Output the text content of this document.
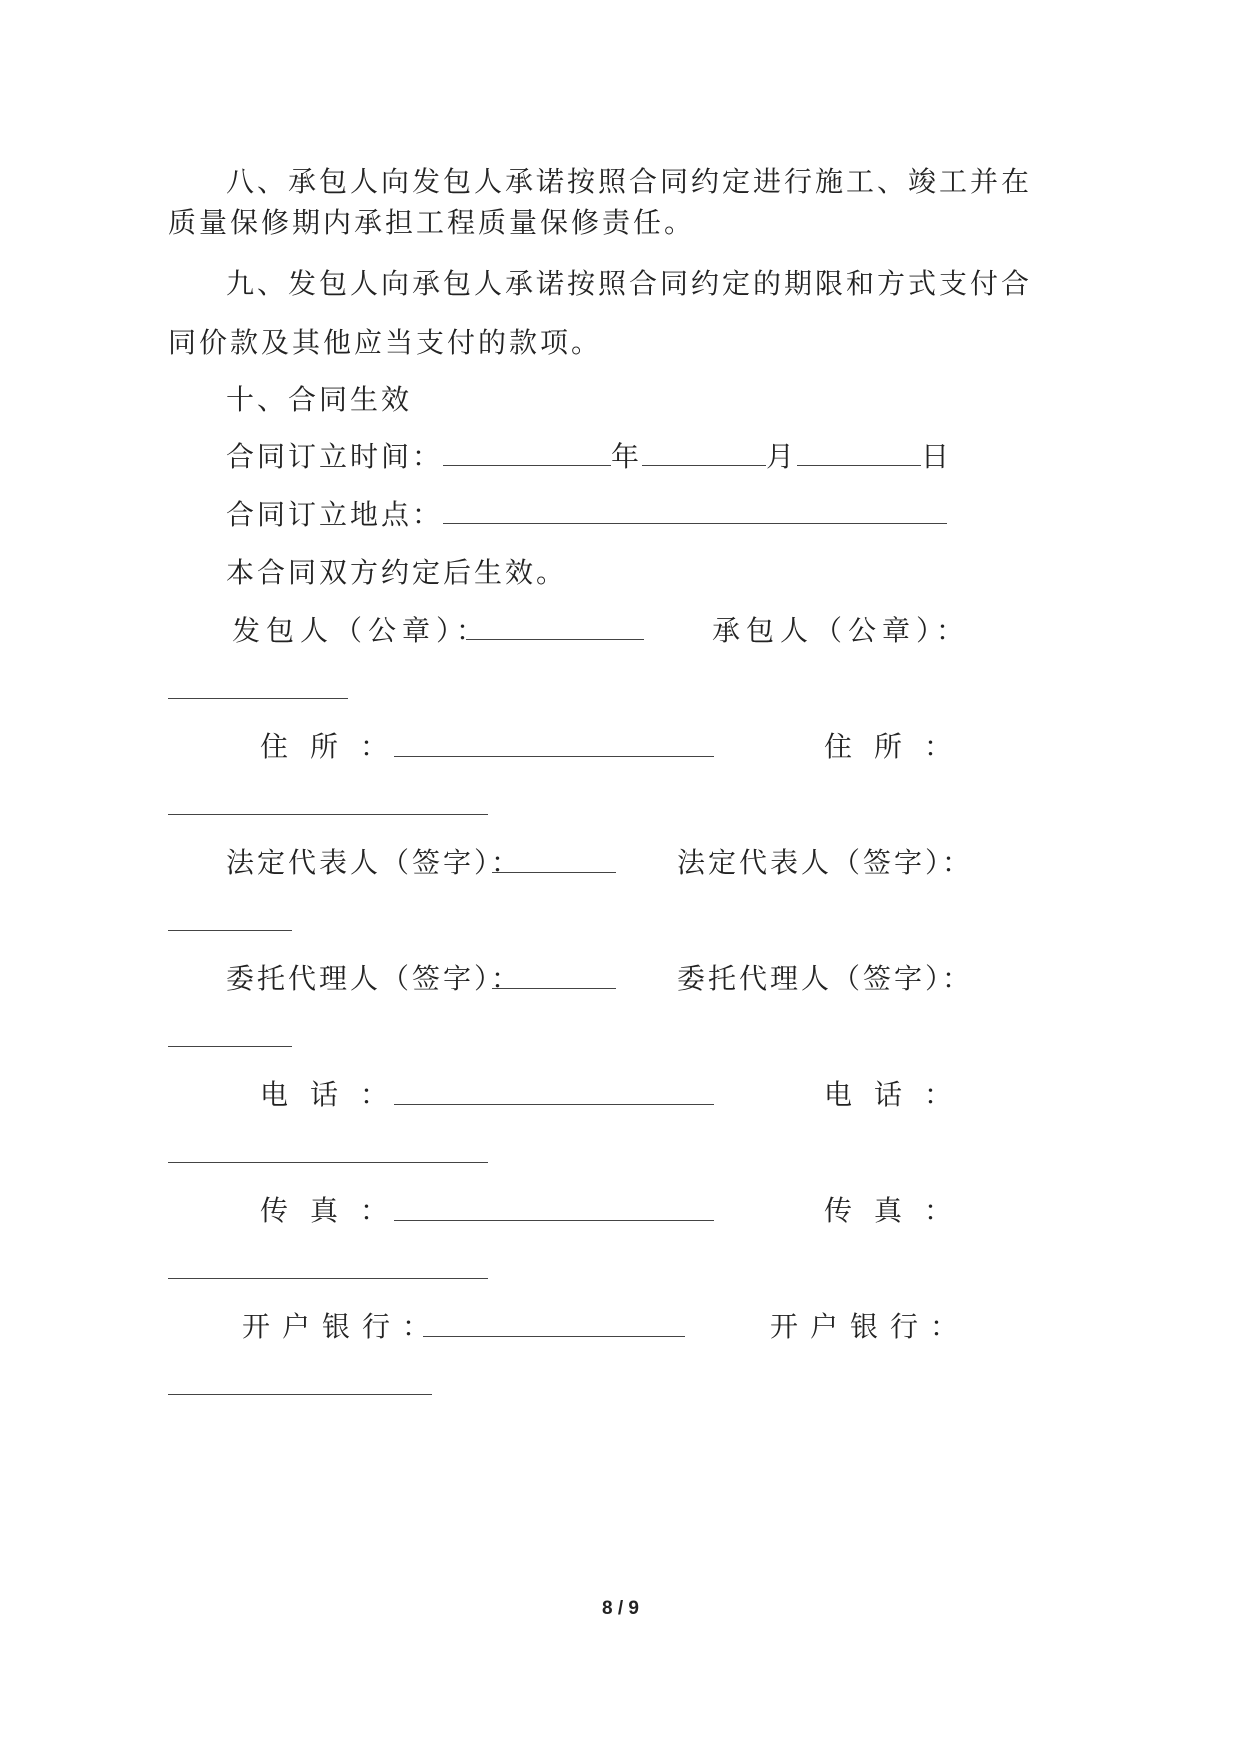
八、承包人向发包人承诺按照合同约定进行施工、竣工并在

质量保修期内承担工程质量保修责任。

九、发包人向承包人承诺按照合同约定的期限和方式支付合

同价款及其他应当支付的款项。

十、合同生效

合同订立时间：	年	月	日

合同订立地点：

本合同双方约定后生效。

发包人（公章）：	承包人（公章）：

住所：	住所：

法定代表人（签字）：	法定代表人（签字）：

委托代理人（签字）：	委托代理人（签字）：

电话：	电话：

传真：	传真：

开户银行：	开户银行：

8 / 9
